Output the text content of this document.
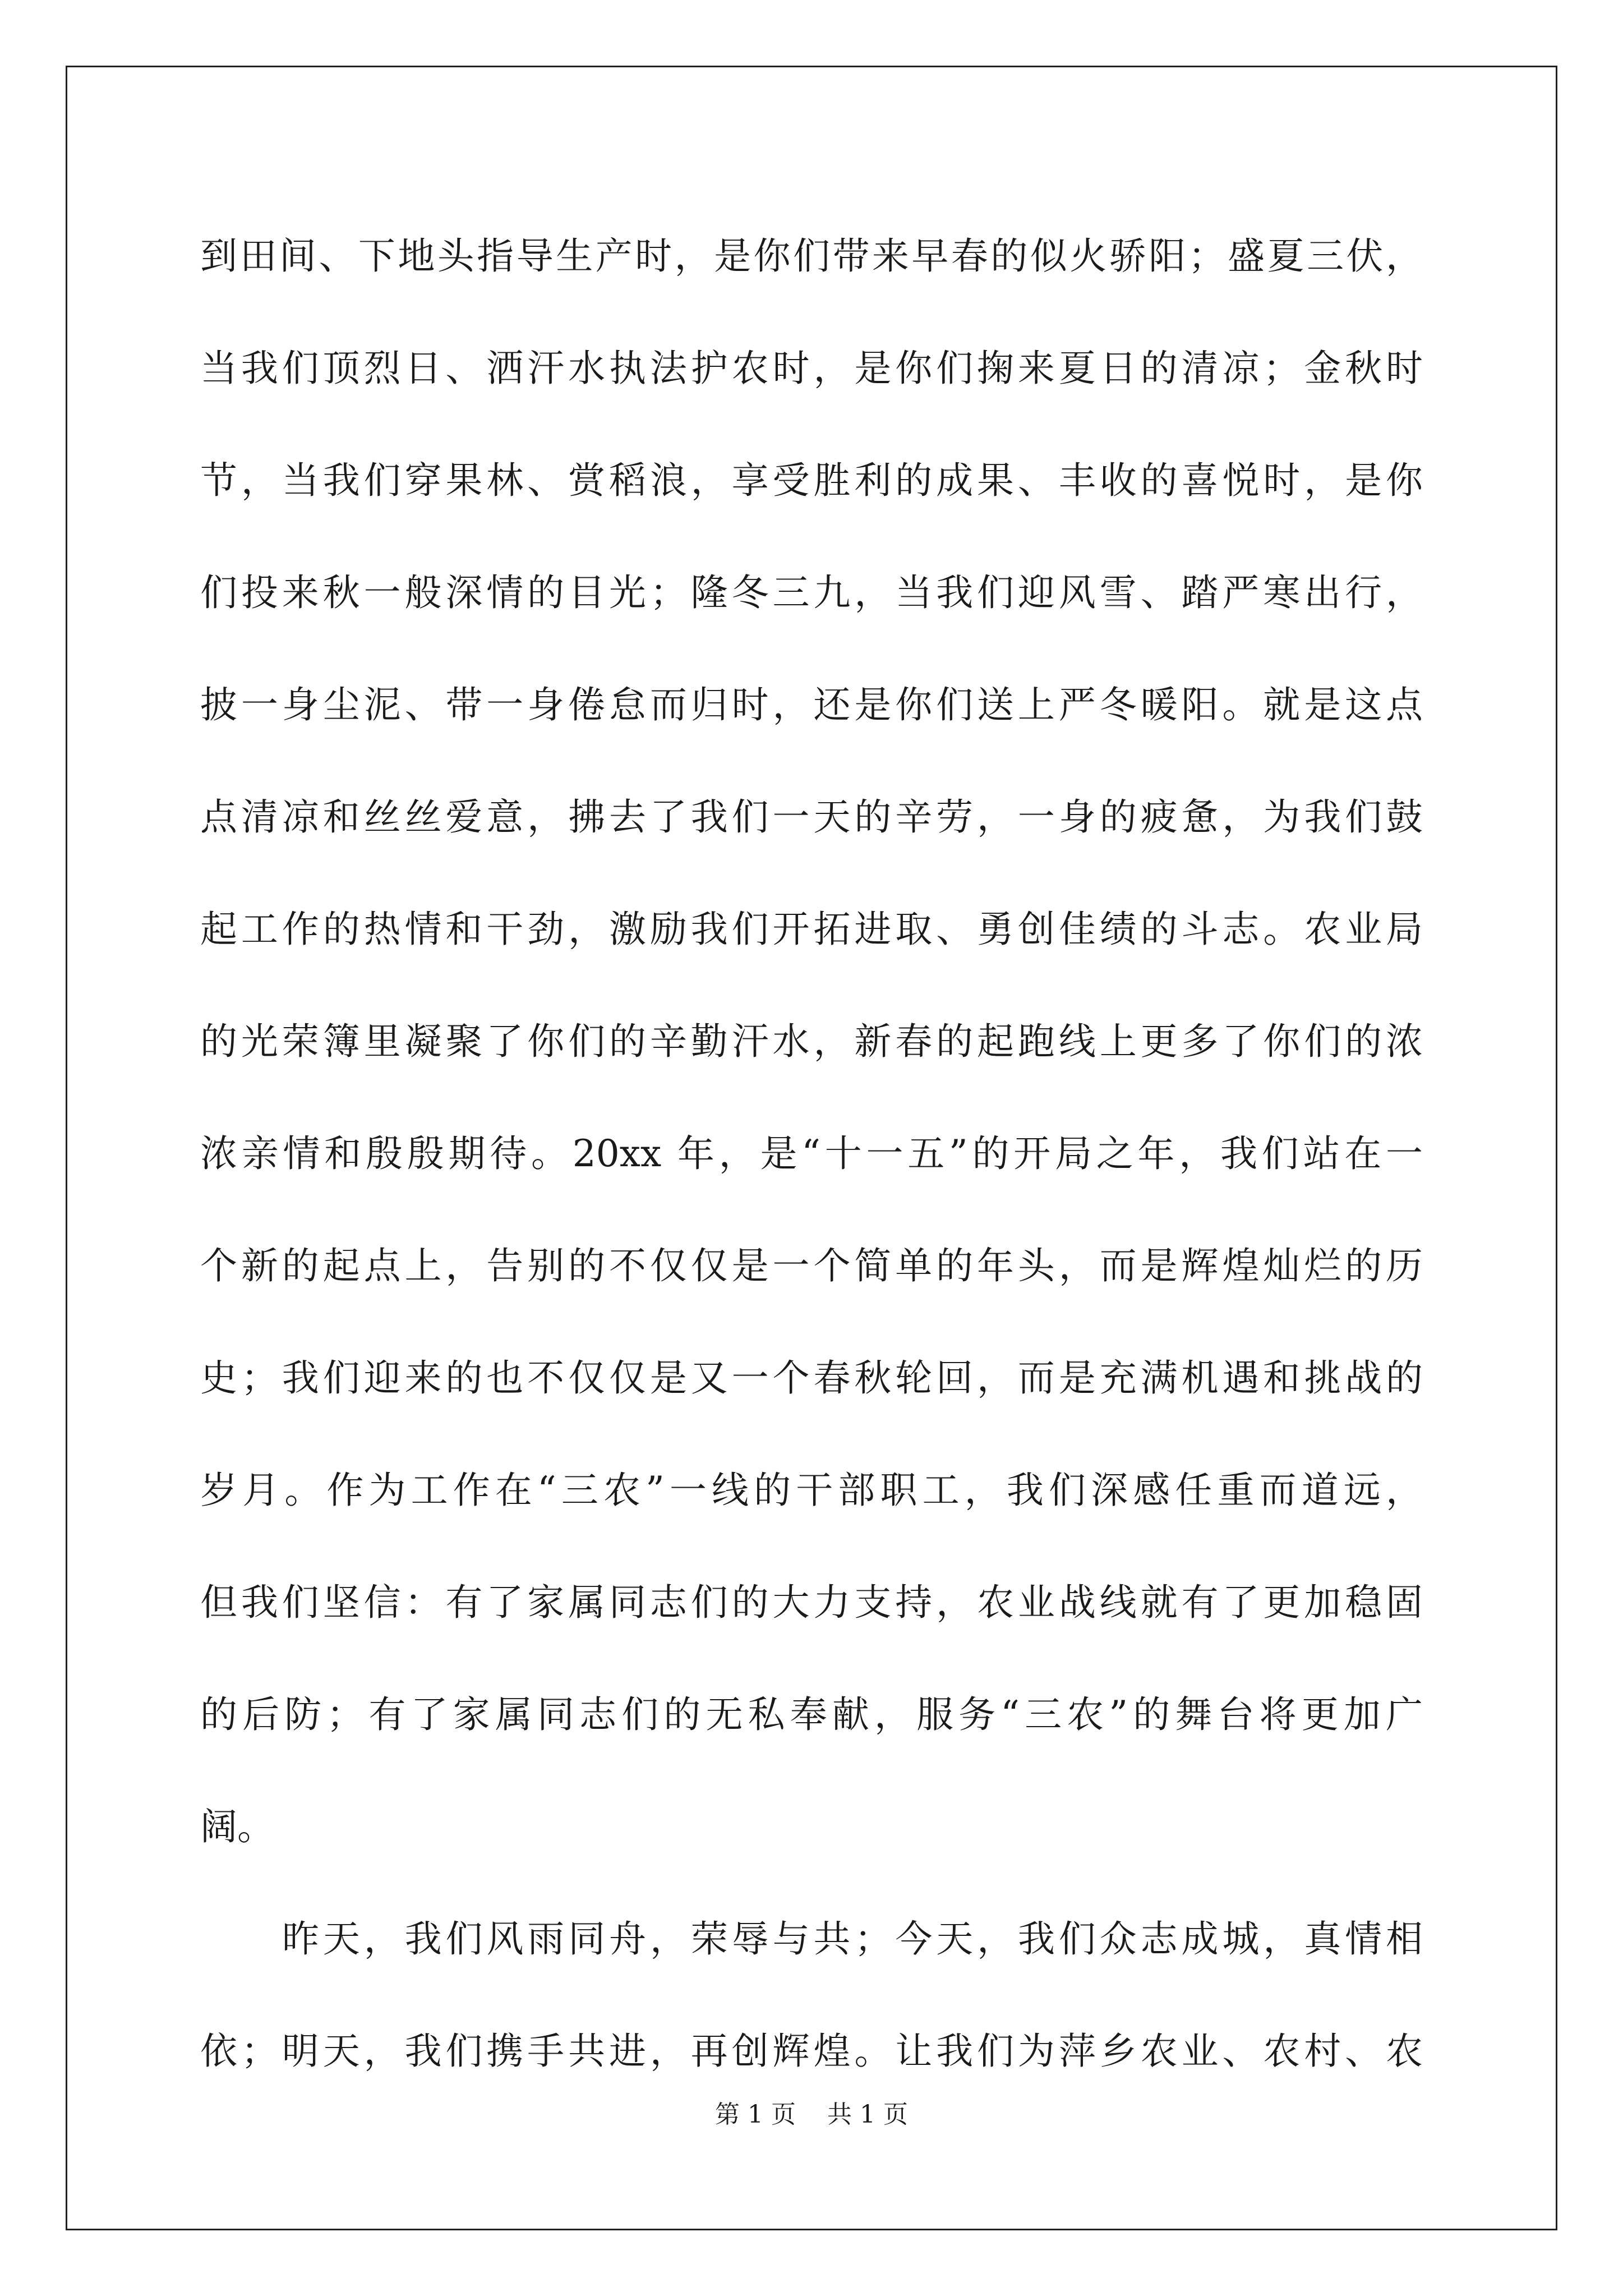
到田间、下地头指导生产时，是你们带来早春的似火骄阳；盛夏三伏，
当我们顶烈日、洒汗水执法护农时，是你们掬来夏日的清凉；金秋时
节，当我们穿果林、赏稻浪，享受胜利的成果、丰收的喜悦时，是你
们投来秋一般深情的目光；隆冬三九，当我们迎风雪、踏严寒出行，
披一身尘泥、带一身倦怠而归时，还是你们送上严冬暖阳。就是这点
点清凉和丝丝爱意，拂去了我们一天的辛劳，一身的疲惫，为我们鼓
起工作的热情和干劲，激励我们开拓进取、勇创佳绩的斗志。农业局
的光荣簿里凝聚了你们的辛勤汗水，新春的起跑线上更多了你们的浓
浓亲情和殷殷期待。20xx 年，是“十一五”的开局之年，我们站在一
个新的起点上，告别的不仅仅是一个简单的年头，而是辉煌灿烂的历
史；我们迎来的也不仅仅是又一个春秋轮回，而是充满机遇和挑战的
岁月。作为工作在“三农”一线的干部职工，我们深感任重而道远，
但我们坚信：有了家属同志们的大力支持，农业战线就有了更加稳固
的后防；有了家属同志们的无私奉献，服务“三农”的舞台将更加广
阔。
昨天，我们风雨同舟，荣辱与共；今天，我们众志成城，真情相
依；明天，我们携手共进，再创辉煌。让我们为萍乡农业、农村、农
第 1 页 共 1 页
